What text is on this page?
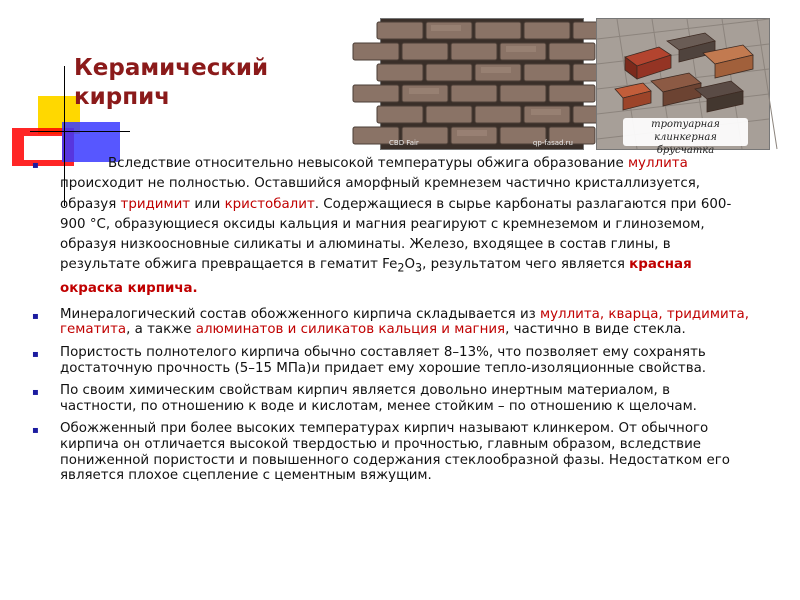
Керамический
кирпич
CBD Fair	qp-fasad.ru
тротуарная клинкерная
брусчатка

▪	Вследствие относительно невысокой температуры обжига образование муллита происходит не полностью. Оставшийся аморфный кремнезем частично кристаллизуется, образуя тридимит или кристобалит. Содержащиеся в сырье карбонаты разлагаются при 600-900 °С, образующиеся оксиды кальция и магния реагируют с кремнеземом и глиноземом, образуя низкоосновные силикаты и алюминаты. Железо, входящее в состав глины, в результате обжига превращается в гематит $Fe_2O_3$, результатом чего является красная окраска кирпича.

▪ Минералогический состав обожженного кирпича складывается из муллита, кварца, тридимита, гематита, а также алюминатов и силикатов кальция и магния, частично в виде стекла.

▪ Пористость полнотелого кирпича обычно составляет 8–13%, что позволяет ему сохранять достаточную прочность (5–15 МПа)и придает ему хорошие тепло-изоляционные свойства.

▪ По своим химическим свойствам кирпич является довольно инертным материалом, в частности, по отношению к воде и кислотам, менее стойким – по отношению к щелочам.

▪ Обожженный при более высоких температурах кирпич называют клинкером. От обычного кирпича он отличается высокой твердостью и прочностью, главным образом, вследствие пониженной пористости и повышенного содержания стеклообразной фазы. Недостатком его является плохое сцепление с цементным вяжущим.
